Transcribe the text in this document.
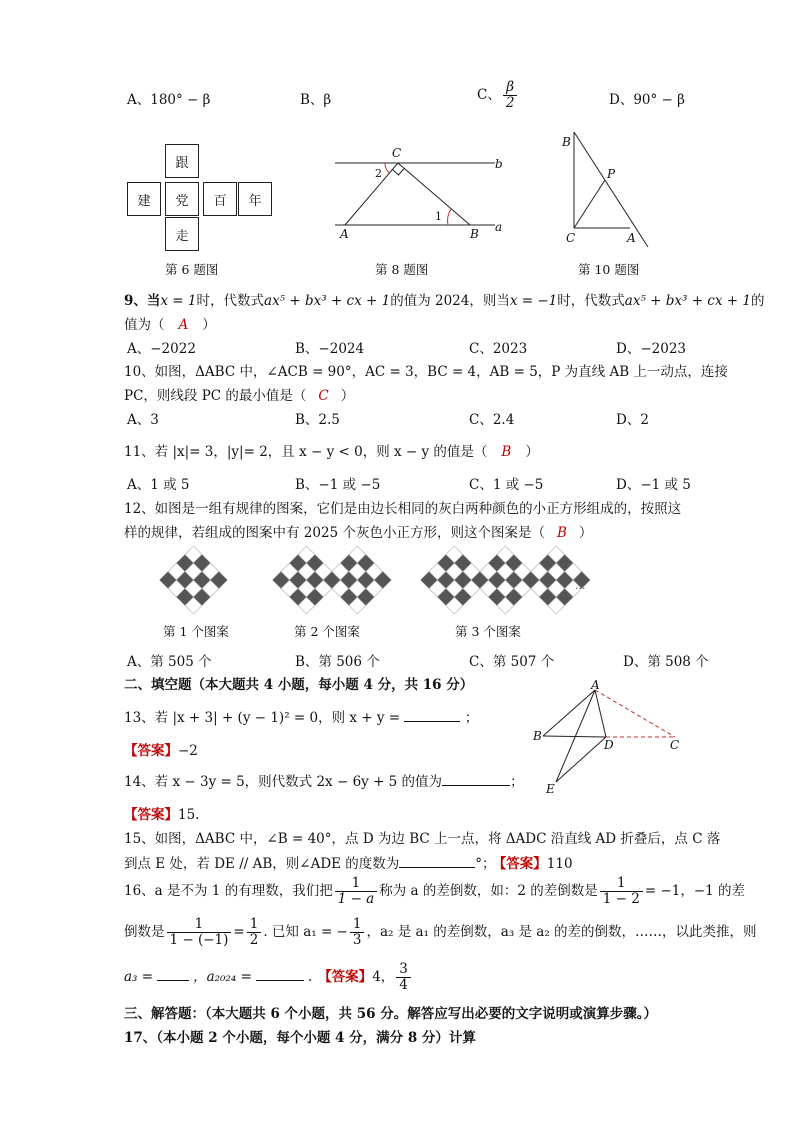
A、180° − β	B、β	C、 $\frac{\beta}{2}$	D、90° − β
跟
建	党	百	年
走
第 6 题图
C
b
2
1
A	B a
第 8 题图
B
P
C	A
第 10 题图
9、当x = 1时，代数式ax⁵ + bx³ + cx + 1的值为 2024，则当x = −1时，代数式ax⁵ + bx³ + cx + 1的
值为（ A ）
A、−2022	B、−2024	C、2023	D、−2023
10、如图，ΔABC 中，∠ACB = 90°，AC = 3，BC = 4，AB = 5，P 为直线 AB 上一动点，连接
PC，则线段 PC 的最小值是（ C ）
A、3	B、2.5	C、2.4	D、2
11、若 |x|= 3，|y|= 2，且 x − y < 0，则 x − y 的值是（ B ）
A、1 或 5	B、−1 或 −5	C、1 或 −5	D、−1 或 5
12、如图是一组有规律的图案，它们是由边长相同的灰白两种颜色的小正方形组成的，按照这
样的规律，若组成的图案中有 2025 个灰色小正方形，则这个图案是（ B ）
···
第 1 个图案	第 2 个图案	第 3 个图案
A、第 505 个	B、第 506 个	C、第 507 个	D、第 508 个
二、填空题（本大题共 4 小题，每小题 4 分，共 16 分）
13、若 |x + 3| + (y − 1)² = 0，则 x + y =	；
【答案】−2
A
B
D	C
E
14、若 x − 3y = 5，则代数式 2x − 6y + 5 的值为	；
【答案】15.
15、如图，ΔABC 中，∠B = 40°，点 D 为边 BC 上一点，将 ΔADC 沿直线 AD 折叠后，点 C 落
到点 E 处，若 DE // AB，则∠ADE 的度数为	°； 【答案】110
16、a 是不为 1 的有理数，我们把 $\frac{1}{1 - a}$ 称为 a 的差倒数，如：2 的差倒数是 $\frac{1}{1 - 2} = -1$，−1 的差
倒数是 $\frac{1}{1 - (-1)} = \frac{1}{2}$ . 已知 a₁ = − $\frac{1}{3}$ ，a₂ 是 a₁ 的差倒数，a₃ 是 a₂ 的差的倒数，……，以此类推，则
a₃ =	，a₂₀₂₄ =	. 【答案】4， $\frac{3}{4}$
三、解答题：（本大题共 6 个小题，共 56 分。解答应写出必要的文字说明或演算步骤。）
17、（本小题 2 个小题，每个小题 4 分，满分 8 分）计算
